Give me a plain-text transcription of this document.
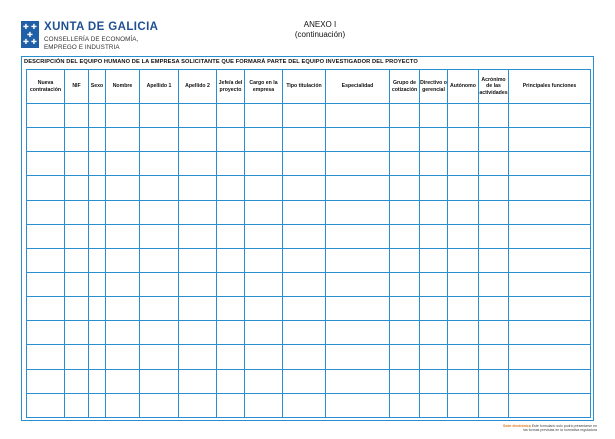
✚ ✚
✚
✚ ✚
XUNTA DE GALICIA
CONSELLERÍA DE ECONOMÍA,
EMPREGO E INDUSTRIA
ANEXO I
(continuación)
DESCRIPCIÓN DEL EQUIPO HUMANO DE LA EMPRESA SOLICITANTE QUE FORMARÁ PARTE DEL EQUIPO INVESTIGADOR DEL PROYECTO
Nueva contratación	NIF	Sexo	Nombre	Apellido 1	Apellido 2	Jefe/a del proyecto	Cargo en la empresa	Tipo titulación	Especialidad	Grupo de cotización	Directivo o gerencial	Autónomo	Acrónimo de las actividades	Principales funciones

Sede electrónica Este formulario solo podrá presentarse en
las formas previstas en la normativa reguladora
